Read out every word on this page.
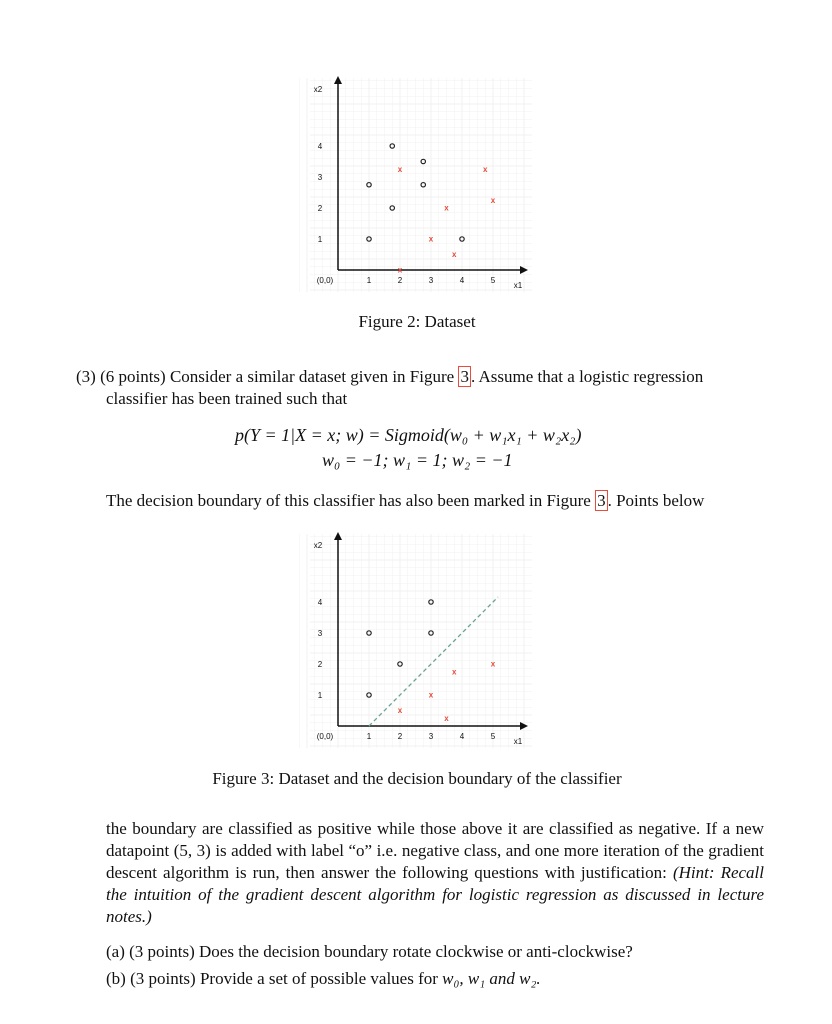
x
x
x
x
x
x
x
1	2	3	4	5
1
2
3
4
(0,0)
x1
x2
Figure 2: Dataset
(3) (6 points) Consider a similar dataset given in Figure 3 . Assume that a logistic regression
classifier has been trained such that
p(Y = 1|X = x; w) = Sigmoid(w₀ + w₁x₁ + w₂x₂)
w₀ = −1; w₁ = 1; w₂ = −1
The decision boundary of this classifier has also been marked in Figure 3 . Points below
x
x
x
x
x
1	2	3	4	5
1
2
3
4
(0,0)
x1
x2
Figure 3: Dataset and the decision boundary of the classifier
the boundary are classified as positive while those above it are classified as negative. If a new datapoint (5, 3) is added with label “o” i.e. negative class, and one more iteration of the gradient descent algorithm is run, then answer the following questions with justification: (Hint: Recall the intuition of the gradient descent algorithm for logistic regression as discussed in lecture notes.)
(a) (3 points) Does the decision boundary rotate clockwise or anti-clockwise?
(b) (3 points) Provide a set of possible values for w₀, w₁ and w₂.
